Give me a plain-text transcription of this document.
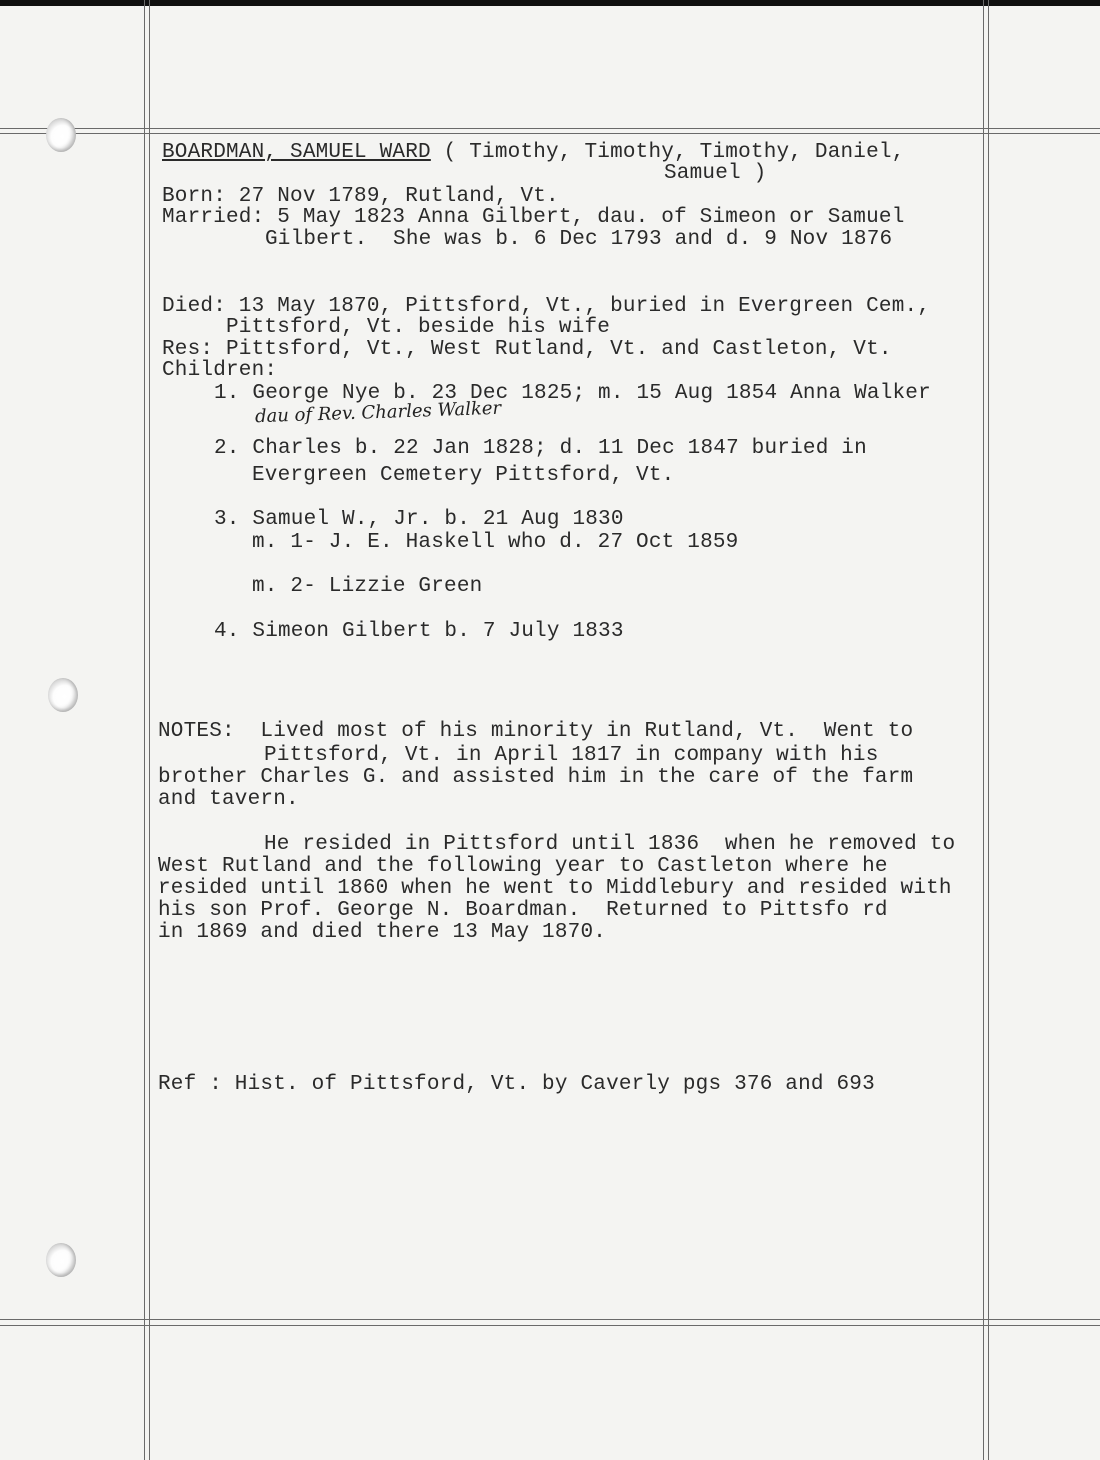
BOARDMAN, SAMUEL WARD ( Timothy, Timothy, Timothy, Daniel,
Samuel )
Born: 27 Nov 1789, Rutland, Vt.
Married: 5 May 1823 Anna Gilbert, dau. of Simeon or Samuel
Gilbert.  She was b. 6 Dec 1793 and d. 9 Nov 1876
Died: 13 May 1870, Pittsford, Vt., buried in Evergreen Cem.,
Pittsford, Vt. beside his wife
Res: Pittsford, Vt., West Rutland, Vt. and Castleton, Vt.
Children:
1. George Nye b. 23 Dec 1825; m. 15 Aug 1854 Anna Walker
dau of Rev. Charles Walker
2. Charles b. 22 Jan 1828; d. 11 Dec 1847 buried in
Evergreen Cemetery Pittsford, Vt.
3. Samuel W., Jr. b. 21 Aug 1830
m. 1- J. E. Haskell who d. 27 Oct 1859
m. 2- Lizzie Green
4. Simeon Gilbert b. 7 July 1833
NOTES:  Lived most of his minority in Rutland, Vt.  Went to
Pittsford, Vt. in April 1817 in company with his
brother Charles G. and assisted him in the care of the farm
and tavern.
He resided in Pittsford until 1836  when he removed to
West Rutland and the following year to Castleton where he
resided until 1860 when he went to Middlebury and resided with
his son Prof. George N. Boardman.  Returned to Pittsfo rd
in 1869 and died there 13 May 1870.
Ref : Hist. of Pittsford, Vt. by Caverly pgs 376 and 693
